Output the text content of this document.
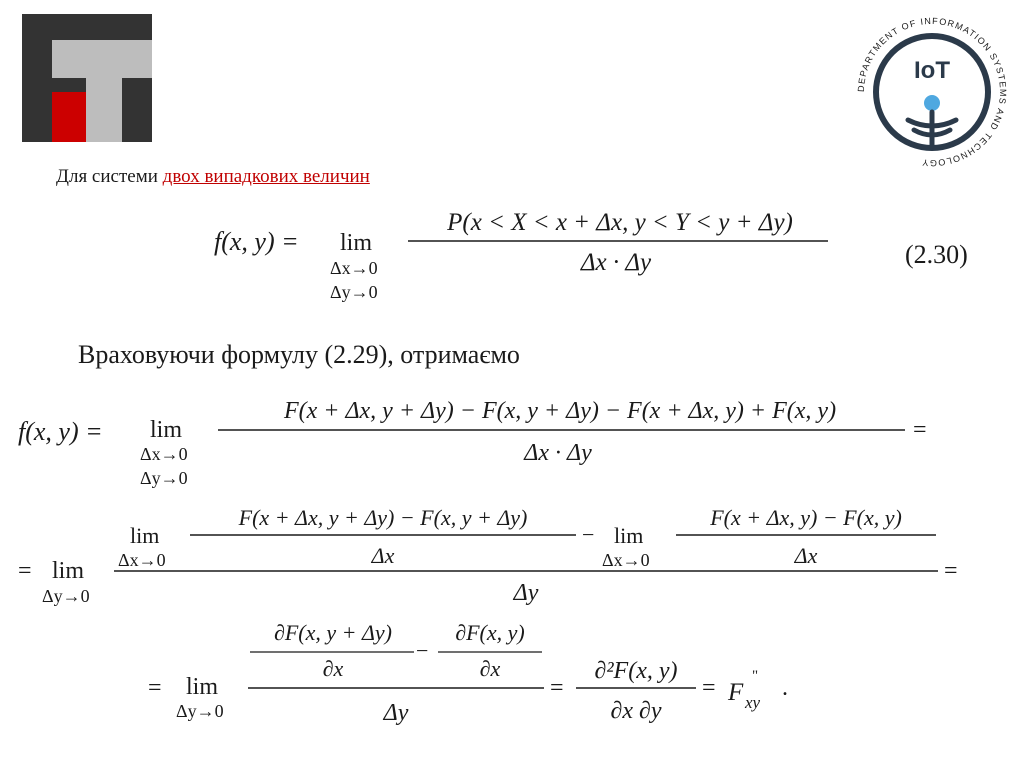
DEPARTMENT OF INFORMATION SYSTEMS AND TECHNOLOGY
IoT
Для системи двох випадкових величин
(2.30)
Враховуючи формулу (2.29), отримаємо
f(x, y) = lim
Δx→0
Δy→0
P(x < X < x + Δx, y < Y < y + Δy)
Δx · Δy
f(x, y) = lim
Δx→0
Δy→0
F(x + Δx, y + Δy) − F(x, y + Δy) − F(x + Δx, y) + F(x, y)
=
Δx · Δy
= lim
Δy→0
lim
Δx→0
F(x + Δx, y + Δy) − F(x, y + Δy)
Δx
− lim
Δx→0
F(x + Δx, y) − F(x, y)
Δx
Δy
=
= lim
Δy→0
∂F(x, y + Δy)
∂x
−
∂F(x, y)
∂x
Δy
=
∂²F(x, y)
∂x ∂y
= F xy
" .
